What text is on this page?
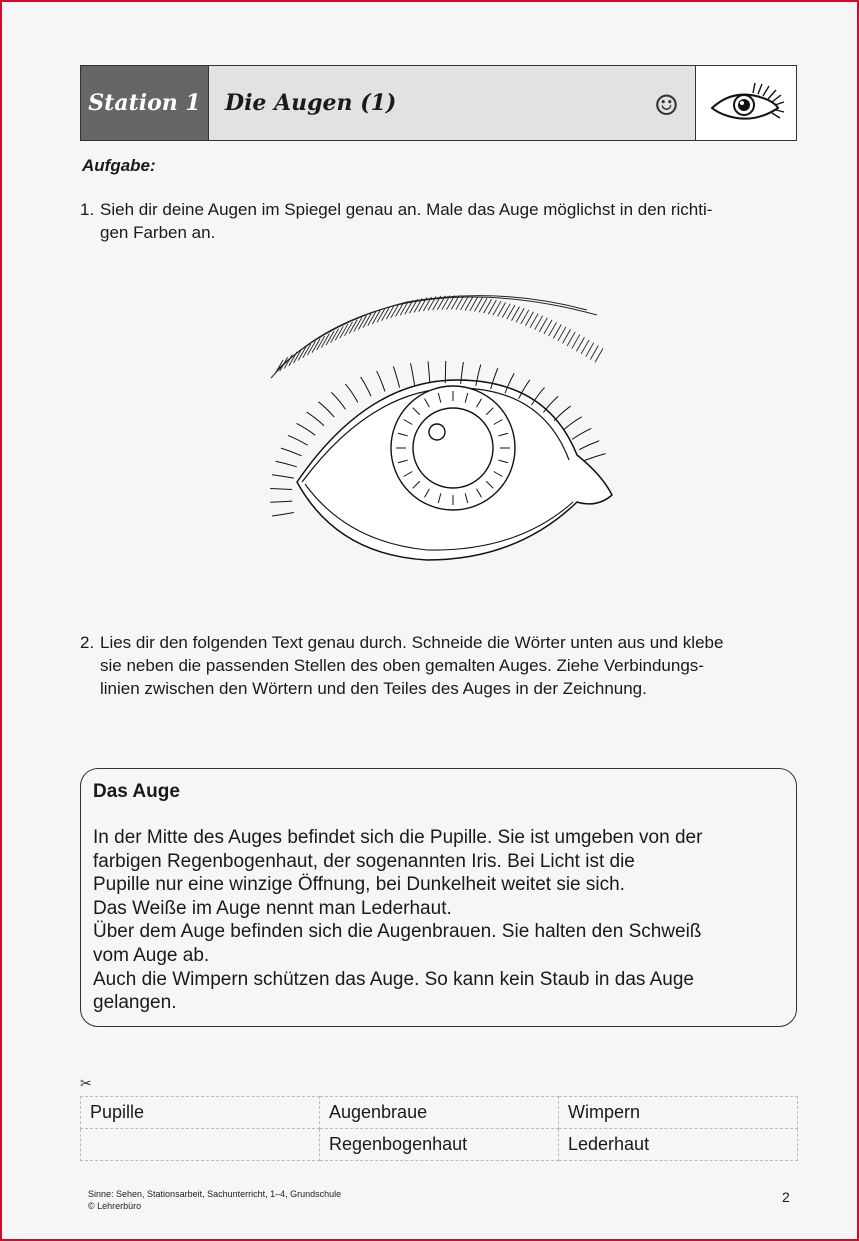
Station 1	Die Augen (1)	☺
Aufgabe:
1. Sieh dir deine Augen im Spiegel genau an. Male das Auge möglichst in den richti-
gen Farben an.
2. Lies dir den folgenden Text genau durch. Schneide die Wörter unten aus und klebe
sie neben die passenden Stellen des oben gemalten Auges. Ziehe Verbindungs-
linien zwischen den Wörtern und den Teiles des Auges in der Zeichnung.
Das Auge
In der Mitte des Auges befindet sich die Pupille. Sie ist umgeben von der
farbigen Regenbogenhaut, der sogenannten Iris. Bei Licht ist die
Pupille nur eine winzige Öffnung, bei Dunkelheit weitet sie sich.
Das Weiße im Auge nennt man Lederhaut.
Über dem Auge befinden sich die Augenbrauen. Sie halten den Schweiß
vom Auge ab.
Auch die Wimpern schützen das Auge. So kann kein Staub in das Auge
gelangen.
✂
Pupille	Augenbraue	Wimpern
	Regenbogenhaut	Lederhaut
Sinne: Sehen, Stationsarbeit, Sachunterricht, 1–4, Grundschule
© Lehrerbüro
2
